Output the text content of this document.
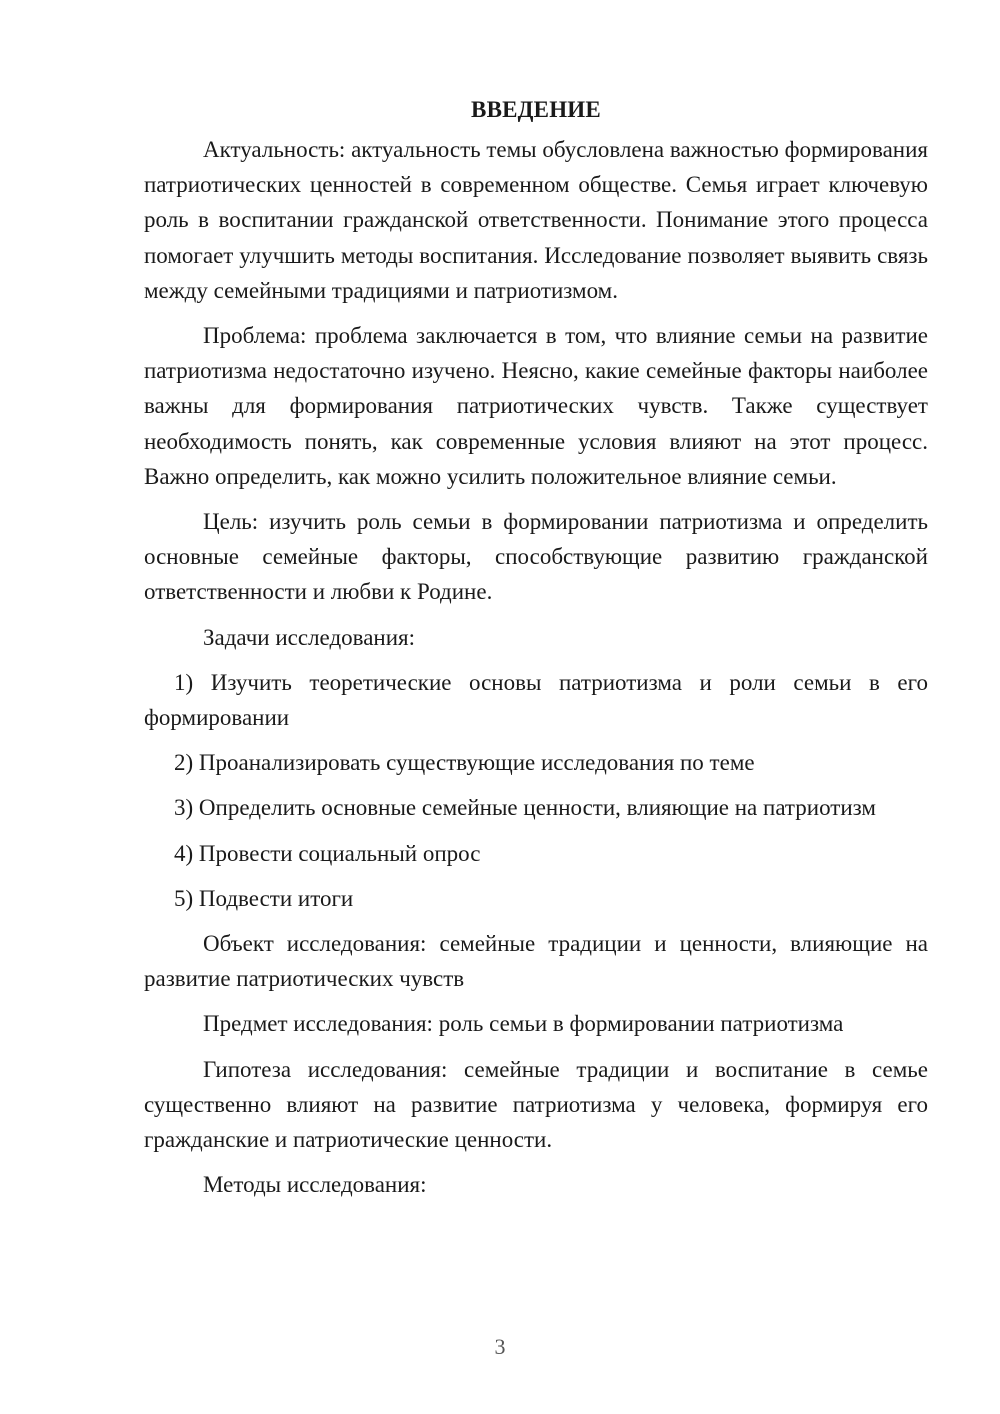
ВВЕДЕНИЕ

Актуальность: актуальность темы обусловлена важностью формирования патриотических ценностей в современном обществе. Семья играет ключевую роль в воспитании гражданской ответственности. Понимание этого процесса помогает улучшить методы воспитания. Исследование позволяет выявить связь между семейными традициями и патриотизмом.

Проблема: проблема заключается в том, что влияние семьи на развитие патриотизма недостаточно изучено. Неясно, какие семейные факторы наиболее важны для формирования патриотических чувств. Также существует необходимость понять, как современные условия влияют на этот процесс. Важно определить, как можно усилить положительное влияние семьи.

Цель: изучить роль семьи в формировании патриотизма и определить основные семейные факторы, способствующие развитию гражданской ответственности и любви к Родине.

Задачи исследования:

1) Изучить теоретические основы патриотизма и роли семьи в его формировании

2) Проанализировать существующие исследования по теме

3) Определить основные семейные ценности, влияющие на патриотизм

4) Провести социальный опрос

5) Подвести итоги

Объект исследования: семейные традиции и ценности, влияющие на развитие патриотических чувств

Предмет исследования: роль семьи в формировании патриотизма

Гипотеза исследования: семейные традиции и воспитание в семье существенно влияют на развитие патриотизма у человека, формируя его гражданские и патриотические ценности.

Методы исследования:

3
